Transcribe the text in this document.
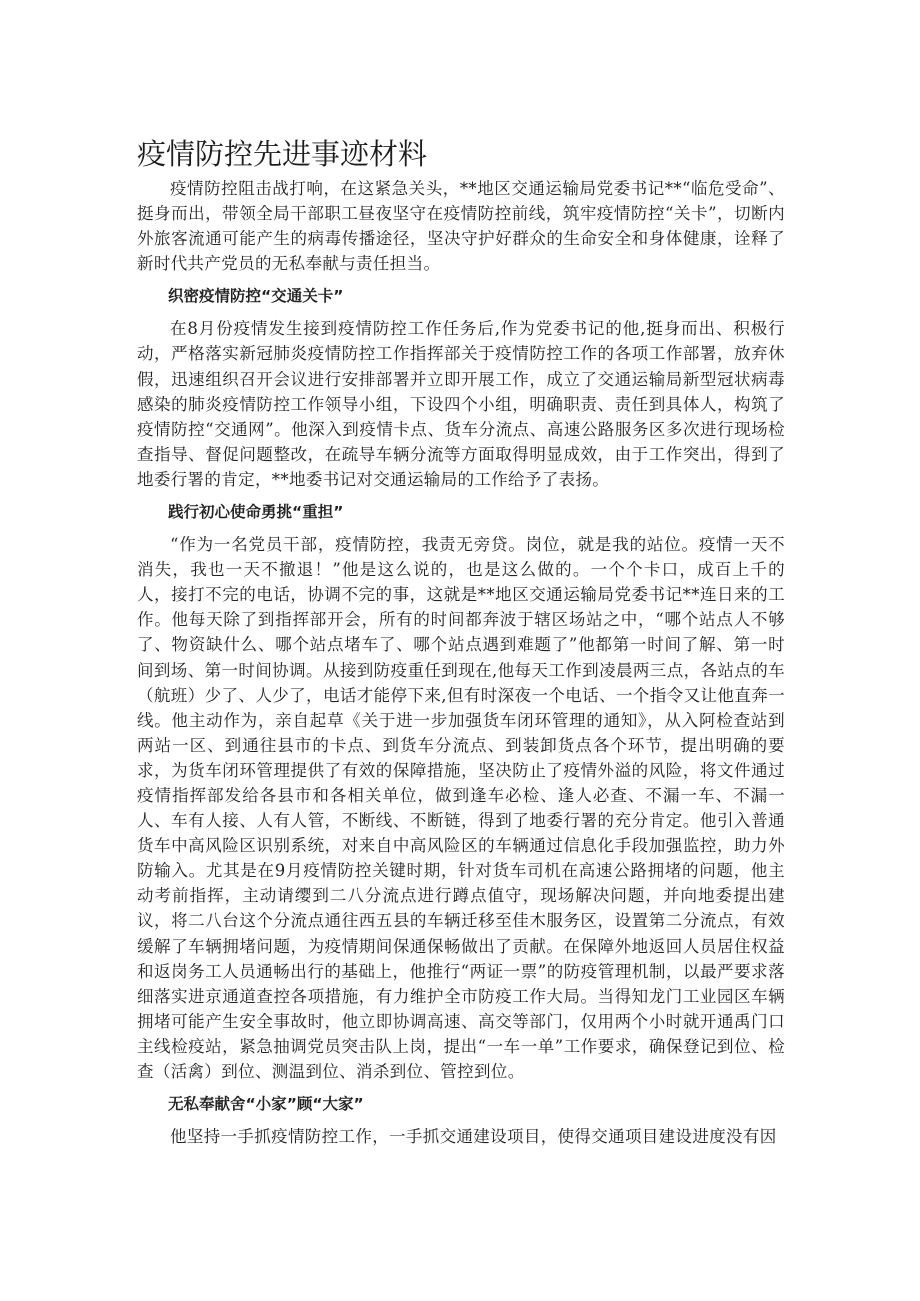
疫情防控先进事迹材料

疫情防控阻击战打响，在这紧急关头，**地区交通运输局党委书记**“临危受命”、挺身而出，带领全局干部职工昼夜坚守在疫情防控前线，筑牢疫情防控“关卡”，切断内外旅客流通可能产生的病毒传播途径，坚决守护好群众的生命安全和身体健康，诠释了新时代共产党员的无私奉献与责任担当。

织密疫情防控“交通关卡”

在8月份疫情发生接到疫情防控工作任务后,作为党委书记的他,挺身而出、积极行动，严格落实新冠肺炎疫情防控工作指挥部关于疫情防控工作的各项工作部署，放弃休假，迅速组织召开会议进行安排部署并立即开展工作，成立了交通运输局新型冠状病毒感染的肺炎疫情防控工作领导小组，下设四个小组，明确职责、责任到具体人，构筑了疫情防控“交通网”。他深入到疫情卡点、货车分流点、高速公路服务区多次进行现场检查指导、督促问题整改，在疏导车辆分流等方面取得明显成效，由于工作突出，得到了地委行署的肯定，**地委书记对交通运输局的工作给予了表扬。

践行初心使命勇挑“重担”

“作为一名党员干部，疫情防控，我责无旁贷。岗位，就是我的站位。疫情一天不消失，我也一天不撤退！”他是这么说的，也是这么做的。一个个卡口，成百上千的人，接打不完的电话，协调不完的事，这就是**地区交通运输局党委书记**连日来的工作。他每天除了到指挥部开会，所有的时间都奔波于辖区场站之中，“哪个站点人不够了、物资缺什么、哪个站点堵车了、哪个站点遇到难题了”他都第一时间了解、第一时间到场、第一时间协调。从接到防疫重任到现在,他每天工作到凌晨两三点，各站点的车（航班）少了、人少了，电话才能停下来,但有时深夜一个电话、一个指令又让他直奔一线。他主动作为，亲自起草《关于进一步加强货车闭环管理的通知》，从入阿检查站到两站一区、到通往县市的卡点、到货车分流点、到装卸货点各个环节，提出明确的要求，为货车闭环管理提供了有效的保障措施，坚决防止了疫情外溢的风险，将文件通过疫情指挥部发给各县市和各相关单位，做到逢车必检、逢人必查、不漏一车、不漏一人、车有人接、人有人管，不断线、不断链，得到了地委行署的充分肯定。他引入普通货车中高风险区识别系统，对来自中高风险区的车辆通过信息化手段加强监控，助力外防输入。尤其是在9月疫情防控关键时期，针对货车司机在高速公路拥堵的问题，他主动考前指挥，主动请缨到二八分流点进行蹲点值守，现场解决问题，并向地委提出建议，将二八台这个分流点通往西五县的车辆迁移至佳木服务区，设置第二分流点，有效缓解了车辆拥堵问题，为疫情期间保通保畅做出了贡献。在保障外地返回人员居住权益和返岗务工人员通畅出行的基础上，他推行“两证一票”的防疫管理机制，以最严要求落细落实进京通道查控各项措施，有力维护全市防疫工作大局。当得知龙门工业园区车辆拥堵可能产生安全事故时，他立即协调高速、高交等部门，仅用两个小时就开通禹门口主线检疫站，紧急抽调党员突击队上岗，提出“一车一单”工作要求，确保登记到位、检查（活禽）到位、测温到位、消杀到位、管控到位。

无私奉献舍“小家”顾“大家”

他坚持一手抓疫情防控工作，一手抓交通建设项目，使得交通项目建设进度没有因
